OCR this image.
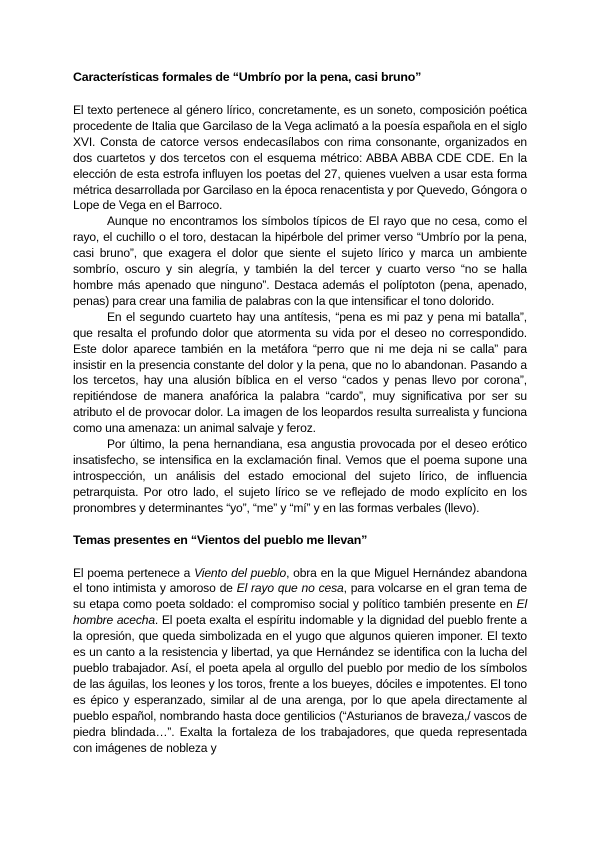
Características formales de “Umbrío por la pena, casi bruno”

El texto pertenece al género lírico, concretamente, es un soneto, composición poética procedente de Italia que Garcilaso de la Vega aclimató a la poesía española en el siglo XVI. Consta de catorce versos endecasílabos con rima consonante, organizados en dos cuartetos y dos tercetos con el esquema métrico: ABBA ABBA CDE CDE. En la elección de esta estrofa influyen los poetas del 27, quienes vuelven a usar esta forma métrica desarrollada por Garcilaso en la época renacentista y por Quevedo, Góngora o Lope de Vega en el Barroco.

Aunque no encontramos los símbolos típicos de El rayo que no cesa, como el rayo, el cuchillo o el toro, destacan la hipérbole del primer verso “Umbrío por la pena, casi bruno”, que exagera el dolor que siente el sujeto lírico y marca un ambiente sombrío, oscuro y sin alegría, y también la del tercer y cuarto verso “no se halla hombre más apenado que ninguno”. Destaca además el políptoton (pena, apenado, penas) para crear una familia de palabras con la que intensificar el tono dolorido.

En el segundo cuarteto hay una antítesis, “pena es mi paz y pena mi batalla”, que resalta el profundo dolor que atormenta su vida por el deseo no correspondido. Este dolor aparece también en la metáfora “perro que ni me deja ni se calla” para insistir en la presencia constante del dolor y la pena, que no lo abandonan. Pasando a los tercetos, hay una alusión bíblica en el verso “cados y penas llevo por corona”, repitiéndose de manera anafórica la palabra “cardo”, muy significativa por ser su atributo el de provocar dolor. La imagen de los leopardos resulta surrealista y funciona como una amenaza: un animal salvaje y feroz.

Por último, la pena hernandiana, esa angustia provocada por el deseo erótico insatisfecho, se intensifica en la exclamación final. Vemos que el poema supone una introspección, un análisis del estado emocional del sujeto lírico, de influencia petrarquista. Por otro lado, el sujeto lírico se ve reflejado de modo explícito en los pronombres y determinantes “yo”, “me” y “mí” y en las formas verbales (llevo).

Temas presentes en “Vientos del pueblo me llevan”

El poema pertenece a Viento del pueblo, obra en la que Miguel Hernández abandona el tono intimista y amoroso de El rayo que no cesa, para volcarse en el gran tema de su etapa como poeta soldado: el compromiso social y político también presente en El hombre acecha. El poeta exalta el espíritu indomable y la dignidad del pueblo frente a la opresión, que queda simbolizada en el yugo que algunos quieren imponer. El texto es un canto a la resistencia y libertad, ya que Hernández se identifica con la lucha del pueblo trabajador. Así, el poeta apela al orgullo del pueblo por medio de los símbolos de las águilas, los leones y los toros, frente a los bueyes, dóciles e impotentes. El tono es épico y esperanzado, similar al de una arenga, por lo que apela directamente al pueblo español, nombrando hasta doce gentilicios (“Asturianos de braveza,/ vascos de piedra blindada…”. Exalta la fortaleza de los trabajadores, que queda representada con imágenes de nobleza y
